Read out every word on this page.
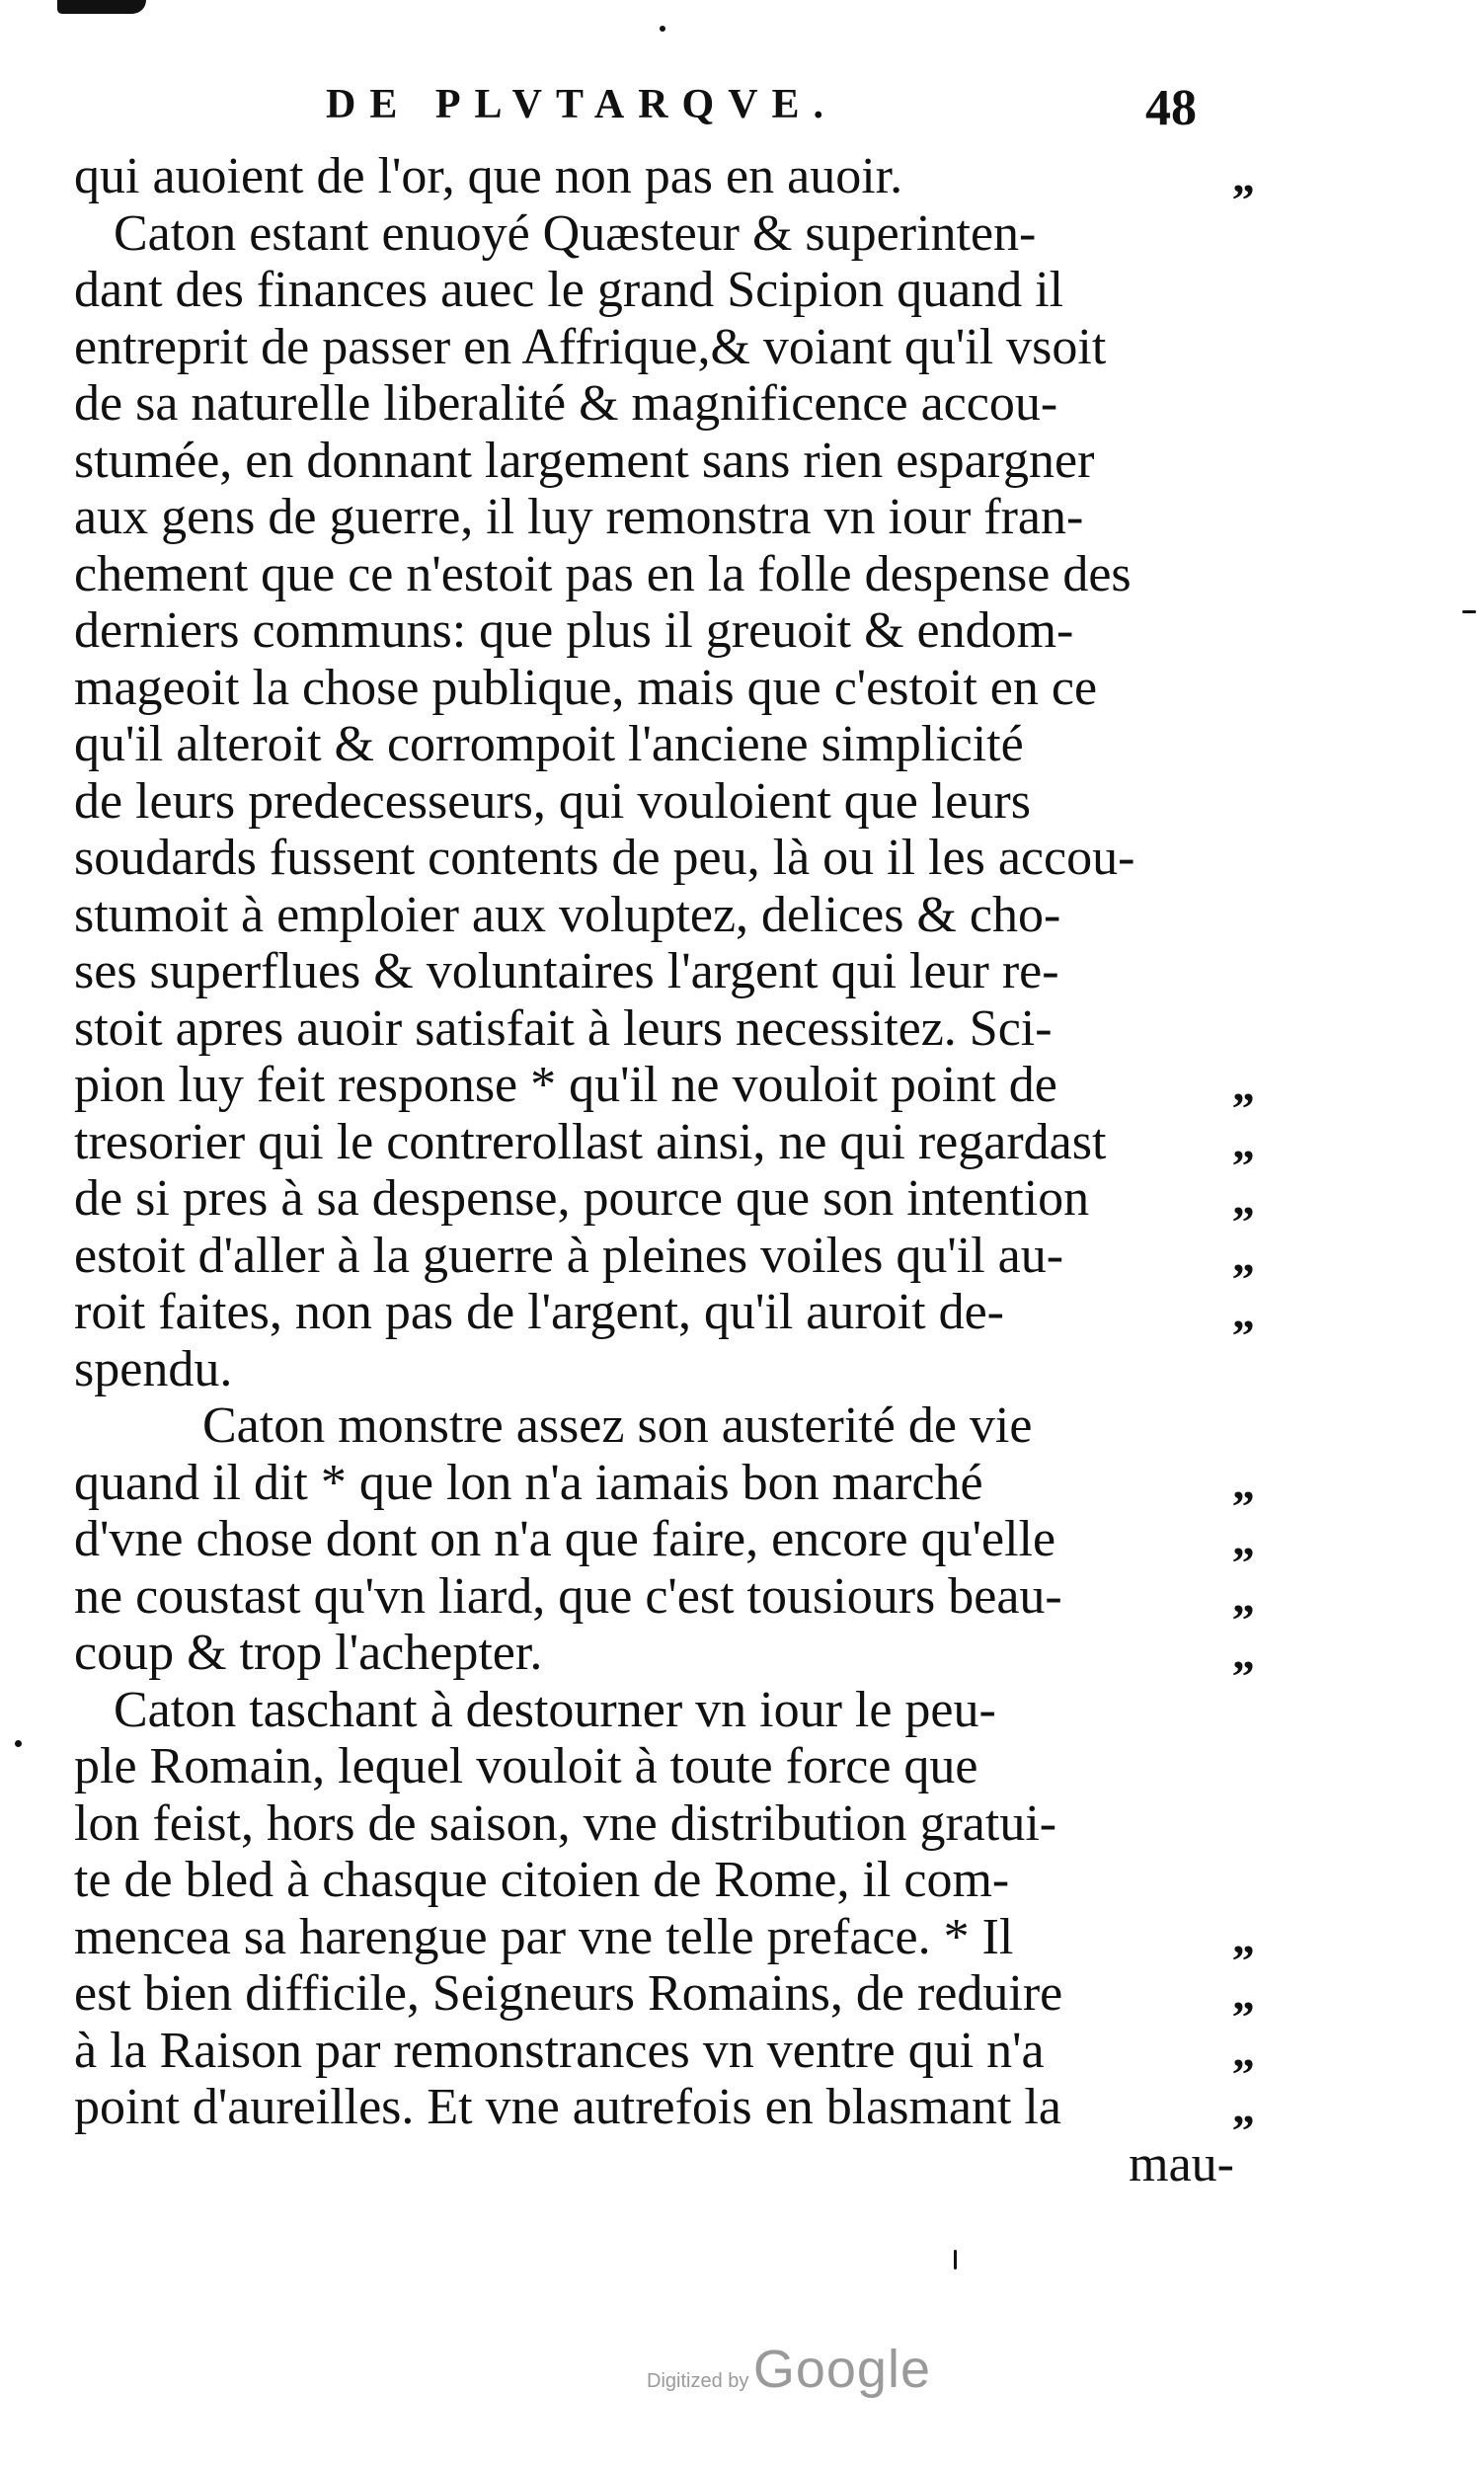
DE PLVTARQVE.	48
qui auoient de l'or, que non pas en auoir.
Caton estant enuoyé Quæsteur & superinten-
dant des finances auec le grand Scipion quand il
entreprit de passer en Affrique,& voiant qu'il vsoit
de sa naturelle liberalité & magnificence accou-
stumée, en donnant largement sans rien espargner
aux gens de guerre, il luy remonstra vn iour fran-
chement que ce n'estoit pas en la folle despense des
derniers communs: que plus il greuoit & endom-
mageoit la chose publique, mais que c'estoit en ce
qu'il alteroit & corrompoit l'anciene simplicité
de leurs predecesseurs, qui vouloient que leurs
soudards fussent contents de peu, là ou il les accou-
stumoit à emploier aux voluptez, delices & cho-
ses superflues & voluntaires l'argent qui leur re-
stoit apres auoir satisfait à leurs necessitez. Sci-
pion luy feit response * qu'il ne vouloit point de
tresorier qui le contrerollast ainsi, ne qui regardast
de si pres à sa despense, pource que son intention
estoit d'aller à la guerre à pleines voiles qu'il au-
roit faites, non pas de l'argent, qu'il auroit de-
spendu.
Caton monstre assez son austerité de vie
quand il dit * que lon n'a iamais bon marché
d'vne chose dont on n'a que faire, encore qu'elle
ne coustast qu'vn liard, que c'est tousiours beau-
coup & trop l'achepter.
Caton taschant à destourner vn iour le peu-
ple Romain, lequel vouloit à toute force que
lon feist, hors de saison, vne distribution gratui-
te de bled à chasque citoien de Rome, il com-
mencea sa harengue par vne telle preface. * Il
est bien difficile, Seigneurs Romains, de reduire
à la Raison par remonstrances vn ventre qui n'a
point d'aureilles. Et vne autrefois en blasmant la
mau-
„
„
„
„
„
„
„
„
„
„
„
„
„
„
Digitized by Google
